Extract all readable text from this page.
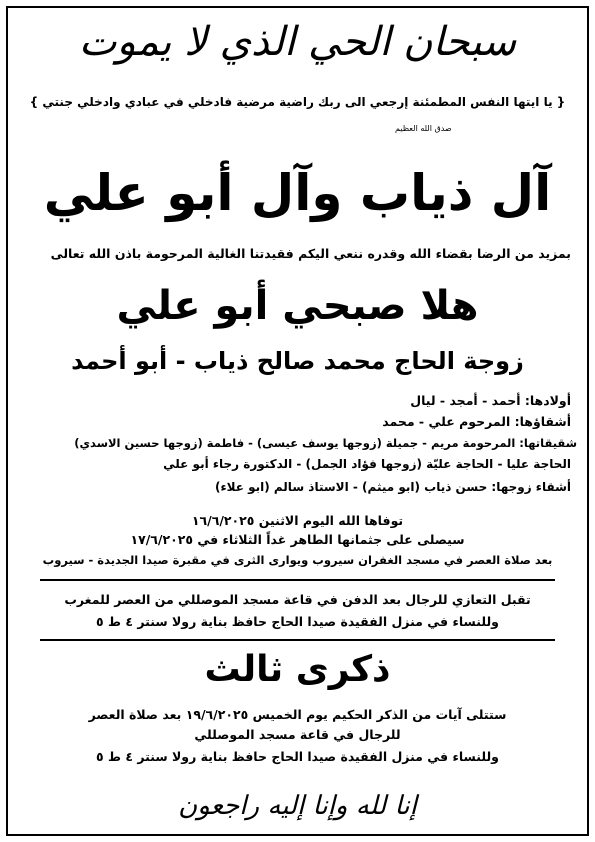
سبحان الحي الذي لا يموت
{ يا ايتها النفس المطمئنة إرجعي الى ربك راضية مرضية فادخلي في عبادي وادخلي جنتي }
صدق الله العظيم
آل ذياب وآل أبو علي
بمزيد من الرضا بقضاء الله وقدره ننعي اليكم فقيدتنا الغالية المرحومة باذن الله تعالى
هلا صبحي أبو علي
زوجة الحاج محمد صالح ذياب - أبو أحمد
أولادها: أحمد - أمجد - ليال
أشقاؤها: المرحوم علي - محمد
شقيقاتها: المرحومة مريم - جميلة (زوجها يوسف عيسى) - فاطمة (زوجها حسين الاسدي)
الحاجة عليا - الحاجة عليّة (زوجها فؤاد الجمل) - الدكتورة رجاء أبو علي
أشقاء زوجها: حسن ذياب (ابو ميثم) - الاستاذ سالم (ابو علاء)
توفاها الله اليوم الاثنين ١٦/٦/٢٠٢٥
سيصلى على جثمانها الطاهر غداً الثلاثاء في ١٧/٦/٢٠٢٥
بعد صلاة العصر في مسجد الغفران سيروب ويوارى الثرى في مقبرة صيدا الجديدة - سيروب
تقبل التعازي للرجال بعد الدفن في قاعة مسجد الموصللي من العصر للمغرب
وللنساء في منزل الفقيدة صيدا الحاج حافظ بناية رولا سنتر ٤ ط ٥
ذكرى ثالث
ستتلى آيات من الذكر الحكيم يوم الخميس ١٩/٦/٢٠٢٥ بعد صلاة العصر
للرجال في قاعة مسجد الموصللي
وللنساء في منزل الفقيدة صيدا الحاج حافظ بناية رولا سنتر ٤ ط ٥
إنا لله وإنا إليه راجعون
